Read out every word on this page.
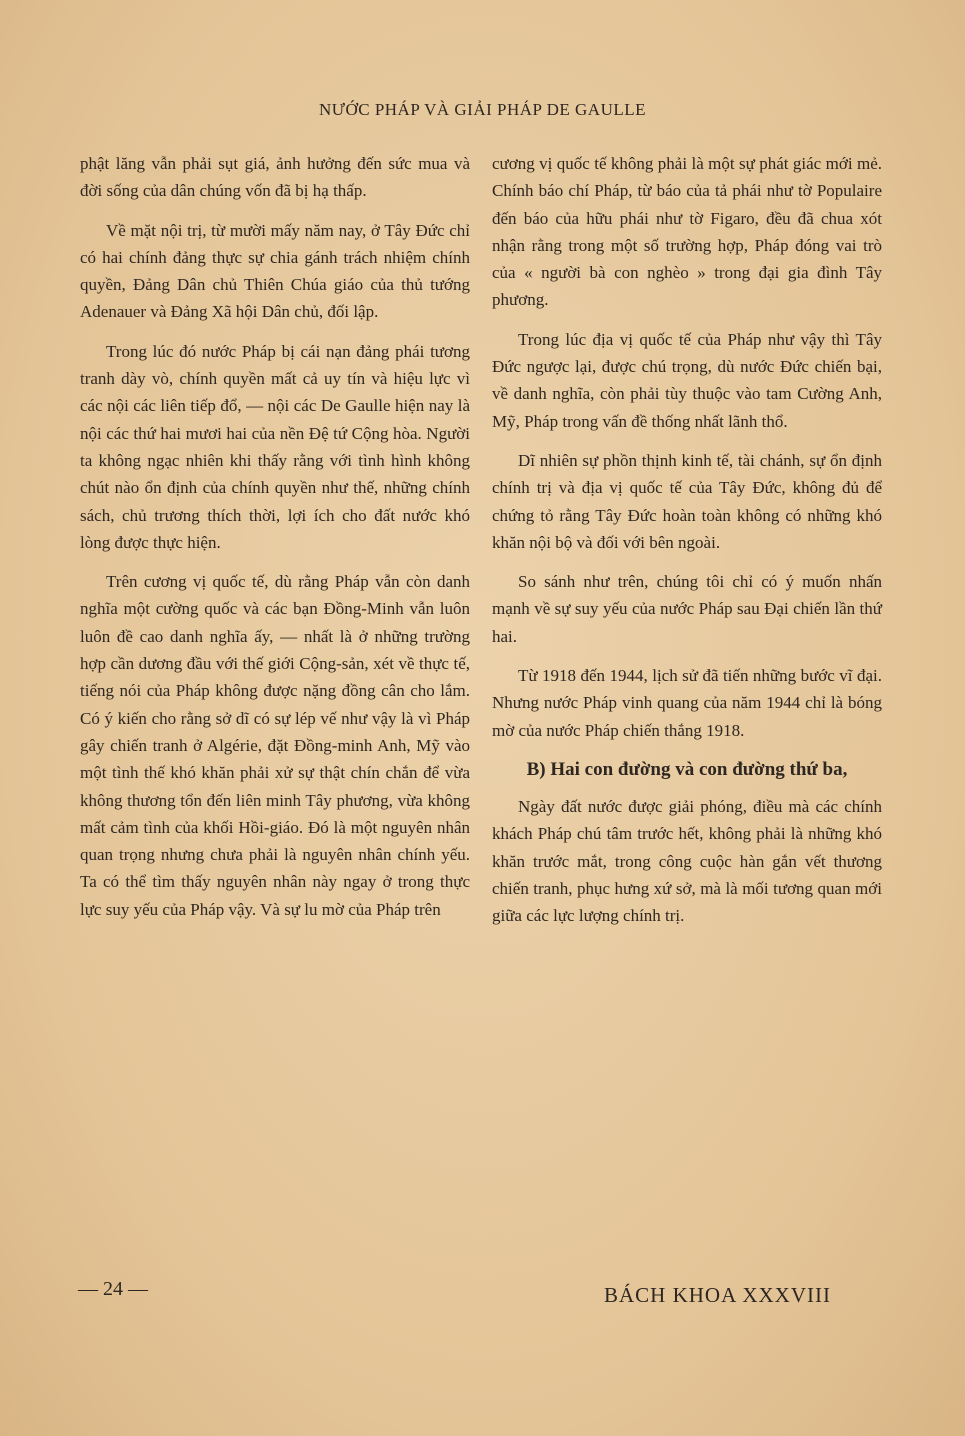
NƯỚC PHÁP VÀ GIẢI PHÁP DE GAULLE

phật lăng vẫn phải sụt giá, ảnh hưởng đến sức mua và đời sống của dân chúng vốn đã bị hạ thấp.

Về mặt nội trị, từ mười mấy năm nay, ở Tây Đức chỉ có hai chính đảng thực sự chia gánh trách nhiệm chính quyền, Đảng Dân chủ Thiên Chúa giáo của thủ tướng Adenauer và Đảng Xã hội Dân chủ, đối lập.

Trong lúc đó nước Pháp bị cái nạn đảng phái tương tranh dày vò, chính quyền mất cả uy tín và hiệu lực vì các nội các liên tiếp đổ, — nội các De Gaulle hiện nay là nội các thứ hai mươi hai của nền Đệ tứ Cộng hòa. Người ta không ngạc nhiên khi thấy rằng với tình hình không chút nào ổn định của chính quyền như thế, những chính sách, chủ trương thích thời, lợi ích cho đất nước khó lòng được thực hiện.

Trên cương vị quốc tế, dù rằng Pháp vẫn còn danh nghĩa một cường quốc và các bạn Đồng-Minh vẫn luôn luôn đề cao danh nghĩa ấy, — nhất là ở những trường hợp cần dương đầu với thế giới Cộng-sản, xét về thực tế, tiếng nói của Pháp không được nặng đồng cân cho lắm. Có ý kiến cho rằng sở dĩ có sự lép vế như vậy là vì Pháp gây chiến tranh ở Algérie, đặt Đồng-minh Anh, Mỹ vào một tình thế khó khăn phải xử sự thật chín chắn để vừa không thương tổn đến liên minh Tây phương, vừa không mất cảm tình của khối Hồi-giáo. Đó là một nguyên nhân quan trọng nhưng chưa phải là nguyên nhân chính yếu. Ta có thể tìm thấy nguyên nhân này ngay ở trong thực lực suy yếu của Pháp vậy. Và sự lu mờ của Pháp trên

cương vị quốc tế không phải là một sự phát giác mới mẻ. Chính báo chí Pháp, từ báo của tả phái như tờ Populaire đến báo của hữu phái như tờ Figaro, đều đã chua xót nhận rằng trong một số trường hợp, Pháp đóng vai trò của « người bà con nghèo » trong đại gia đình Tây phương.

Trong lúc địa vị quốc tế của Pháp như vậy thì Tây Đức ngược lại, được chú trọng, dù nước Đức chiến bại, về danh nghĩa, còn phải tùy thuộc vào tam Cường Anh, Mỹ, Pháp trong vấn đề thống nhất lãnh thổ.

Dĩ nhiên sự phồn thịnh kinh tế, tài chánh, sự ổn định chính trị và địa vị quốc tế của Tây Đức, không đủ để chứng tỏ rằng Tây Đức hoàn toàn không có những khó khăn nội bộ và đối với bên ngoài.

So sánh như trên, chúng tôi chỉ có ý muốn nhấn mạnh về sự suy yếu của nước Pháp sau Đại chiến lần thứ hai.

Từ 1918 đến 1944, lịch sử đã tiến những bước vĩ đại. Nhưng nước Pháp vinh quang của năm 1944 chỉ là bóng mờ của nước Pháp chiến thắng 1918.

B) Hai con đường và con đường thứ ba,

Ngày đất nước được giải phóng, điều mà các chính khách Pháp chú tâm trước hết, không phải là những khó khăn trước mắt, trong công cuộc hàn gắn vết thương chiến tranh, phục hưng xứ sở, mà là mối tương quan mới giữa các lực lượng chính trị.

— 24 —	BÁCH KHOA XXXVIII
